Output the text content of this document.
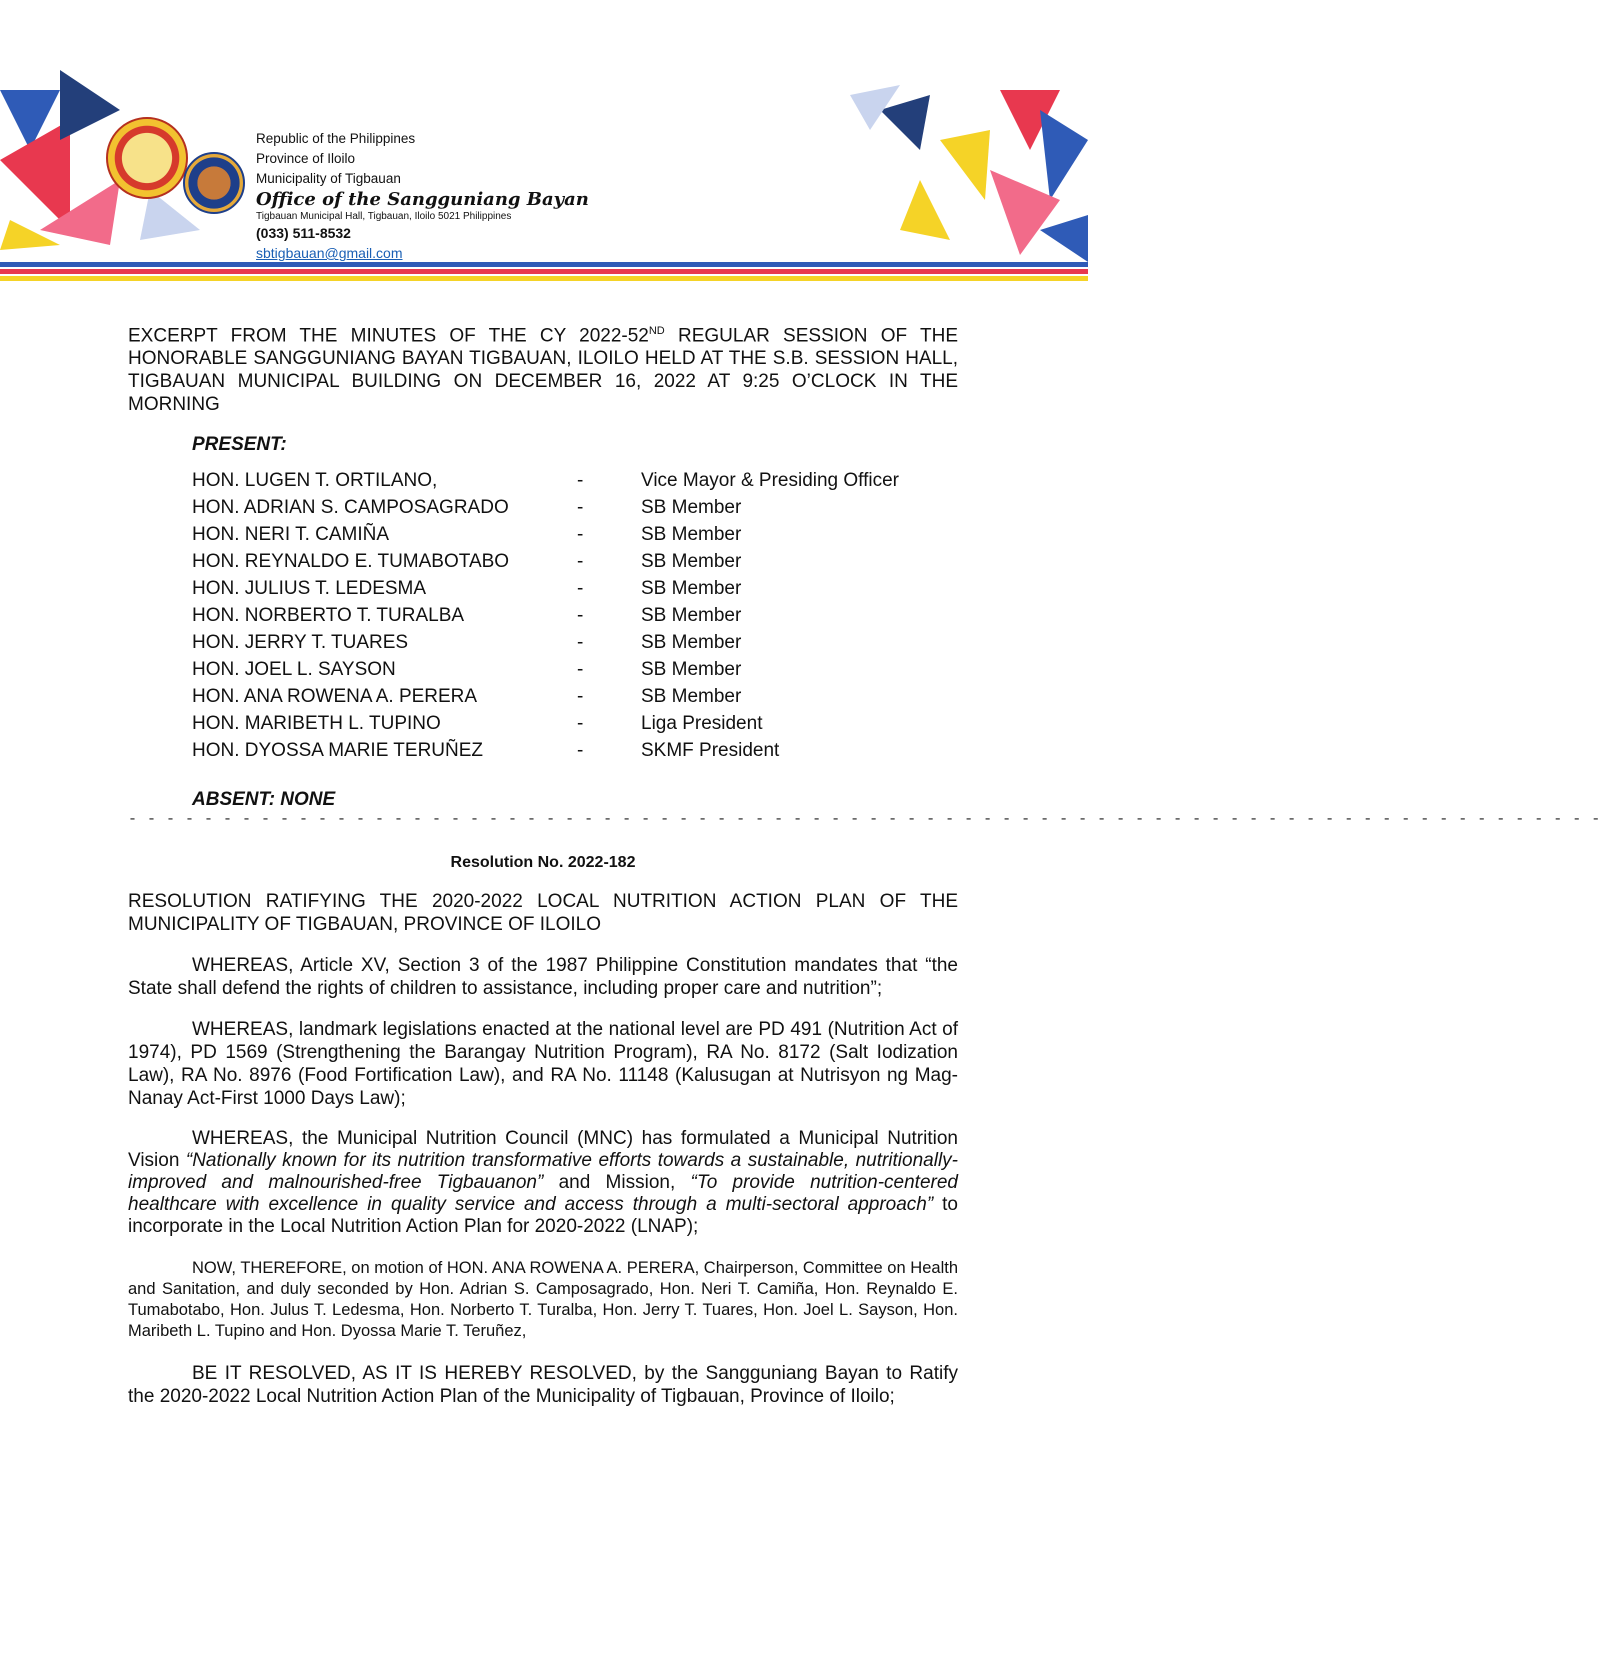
Republic of the Philippines
Province of Iloilo
Municipality of Tigbauan
Office of the Sangguniang Bayan
Tigbauan Municipal Hall, Tigbauan, Iloilo 5021 Philippines
(033) 511-8532
sbtigbauan@gmail.com

EXCERPT FROM THE MINUTES OF THE CY 2022-52ND REGULAR SESSION OF THE HONORABLE SANGGUNIANG BAYAN TIGBAUAN, ILOILO HELD AT THE S.B. SESSION HALL, TIGBAUAN MUNICIPAL BUILDING ON DECEMBER 16, 2022 AT 9:25 O’CLOCK IN THE MORNING

PRESENT:
HON. LUGEN T. ORTILANO,	-	Vice Mayor & Presiding Officer
HON. ADRIAN S. CAMPOSAGRADO	-	SB Member
HON. NERI T. CAMIÑA	-	SB Member
HON. REYNALDO E. TUMABOTABO	-	SB Member
HON. JULIUS T. LEDESMA	-	SB Member
HON. NORBERTO T. TURALBA	-	SB Member
HON. JERRY T. TUARES	-	SB Member
HON. JOEL L. SAYSON	-	SB Member
HON. ANA ROWENA A. PERERA	-	SB Member
HON. MARIBETH L. TUPINO	-	Liga President
HON. DYOSSA MARIE TERUÑEZ	-	SKMF President
ABSENT: NONE
- - - - - - - - - - - - - - - - - - - - - - - - - - - - - - - - - - - - - - - - - - - - - - - - - - - - - - - - - - - - - - - - - - - - - - - - - - - - - -
Resolution No. 2022-182

RESOLUTION RATIFYING THE 2020-2022 LOCAL NUTRITION ACTION PLAN OF THE MUNICIPALITY OF TIGBAUAN, PROVINCE OF ILOILO

WHEREAS, Article XV, Section 3 of the 1987 Philippine Constitution mandates that “the State shall defend the rights of children to assistance, including proper care and nutrition”;

WHEREAS, landmark legislations enacted at the national level are PD 491 (Nutrition Act of 1974), PD 1569 (Strengthening the Barangay Nutrition Program), RA No. 8172 (Salt Iodization Law), RA No. 8976 (Food Fortification Law), and RA No. 11148 (Kalusugan at Nutrisyon ng Mag-Nanay Act-First 1000 Days Law);

WHEREAS, the Municipal Nutrition Council (MNC) has formulated a Municipal Nutrition Vision “Nationally known for its nutrition transformative efforts towards a sustainable, nutritionally-improved and malnourished-free Tigbauanon” and Mission, “To provide nutrition-centered healthcare with excellence in quality service and access through a multi-sectoral approach” to incorporate in the Local Nutrition Action Plan for 2020-2022 (LNAP);

NOW, THEREFORE, on motion of HON. ANA ROWENA A. PERERA, Chairperson, Committee on Health and Sanitation, and duly seconded by Hon. Adrian S. Camposagrado, Hon. Neri T. Camiña, Hon. Reynaldo E. Tumabotabo, Hon. Julus T. Ledesma, Hon. Norberto T. Turalba, Hon. Jerry T. Tuares, Hon. Joel L. Sayson, Hon. Maribeth L. Tupino and Hon. Dyossa Marie T. Teruñez,

BE IT RESOLVED, AS IT IS HEREBY RESOLVED, by the Sangguniang Bayan to Ratify the 2020-2022 Local Nutrition Action Plan of the Municipality of Tigbauan, Province of Iloilo;
